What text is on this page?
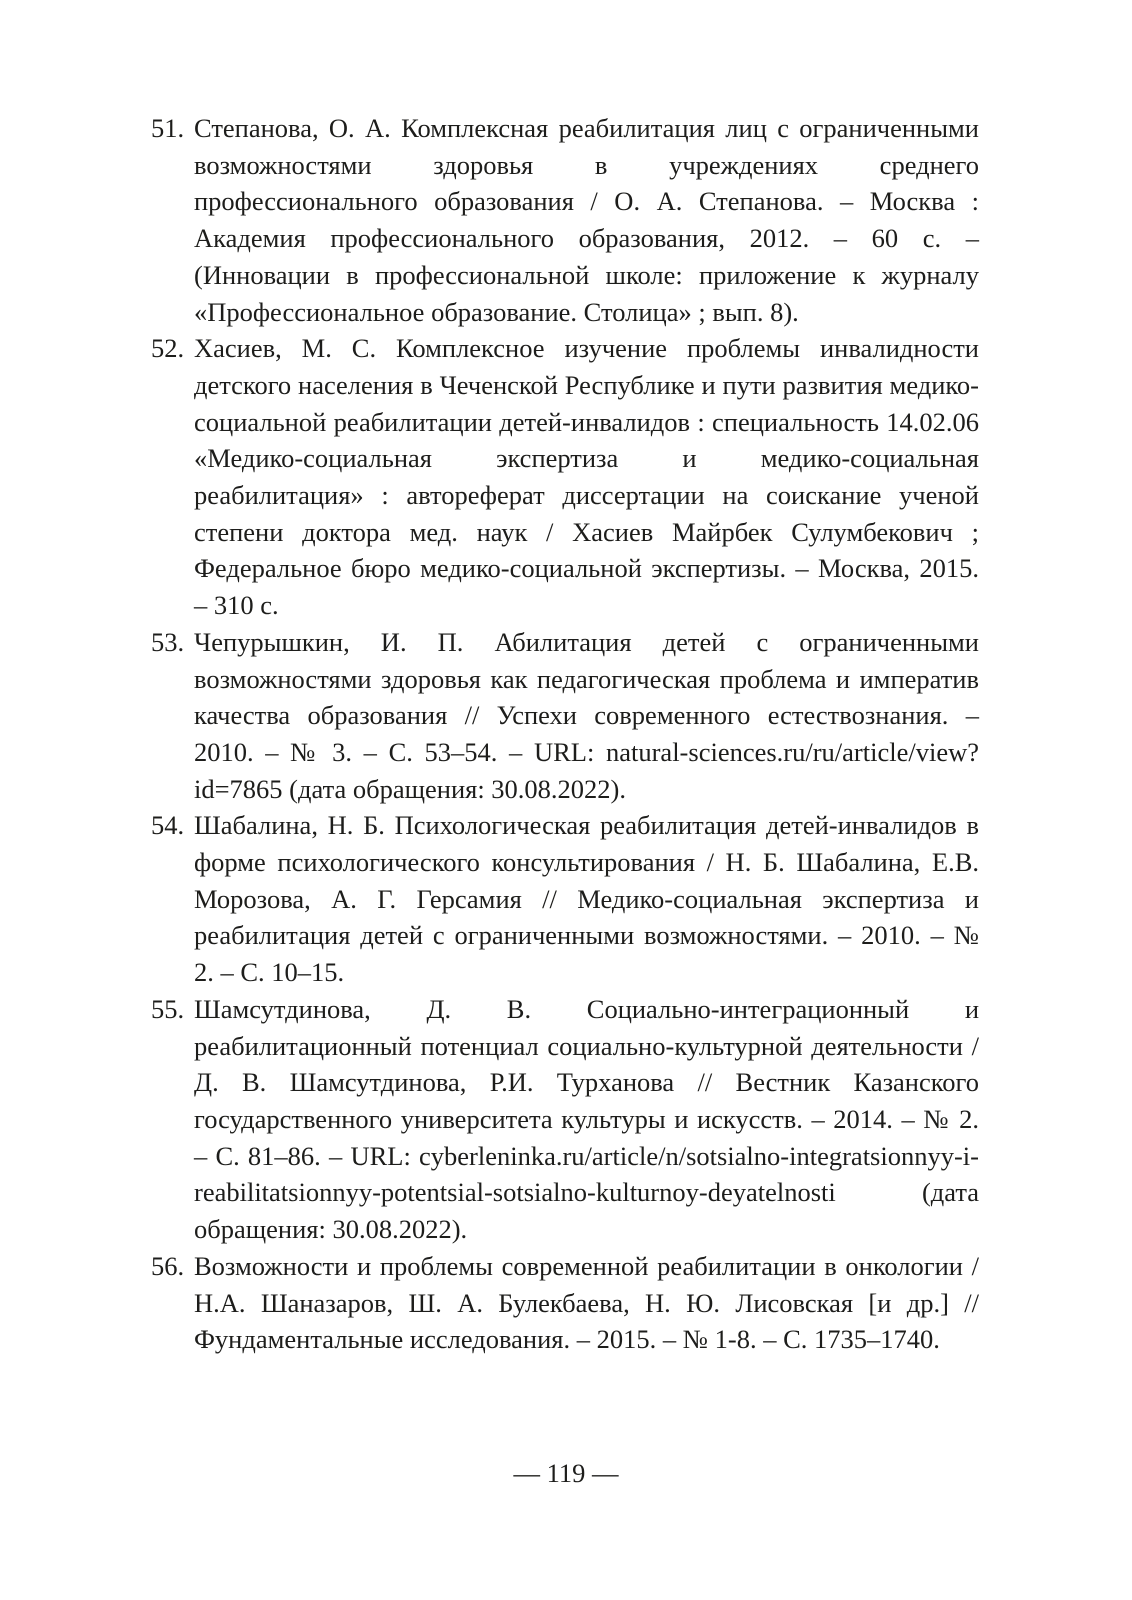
51. Степанова, О. А. Комплексная реабилитация лиц с ограниченными возможностями здоровья в учреждениях среднего профессионального образования / О. А. Степанова. – Москва : Академия профессионального образования, 2012. – 60 с. – (Инновации в профессиональной школе: приложение к журналу «Профессиональное образование. Столица» ; вып. 8).
52. Хасиев, М. С. Комплексное изучение проблемы инвалидности детского населения в Чеченской Республике и пути развития медико-социальной реабилитации детей-инвалидов : специальность 14.02.06 «Медико-социальная экспертиза и медико-социальная реабилитация» : автореферат диссертации на соискание ученой степени доктора мед. наук / Хасиев Майрбек Сулумбекович ; Федеральное бюро медико-социальной экспертизы. – Москва, 2015. – 310 с.
53. Чепурышкин, И. П. Абилитация детей с ограниченными возможностями здоровья как педагогическая проблема и императив качества образования // Успехи современного естествознания. – 2010. – № 3. – С. 53–54. – URL: natural-sciences.ru/ru/article/view?id=7865 (дата обращения: 30.08.2022).
54. Шабалина, Н. Б. Психологическая реабилитация детей-инвалидов в форме психологического консультирования / Н. Б. Шабалина, Е.В. Морозова, А. Г. Герсамия // Медико-социальная экспертиза и реабилитация детей с ограниченными возможностями. – 2010. – № 2. – С. 10–15.
55. Шамсутдинова, Д. В. Социально-интеграционный и реабилитационный потенциал социально-культурной деятельности / Д. В. Шамсутдинова, Р.И. Турханова // Вестник Казанского государственного университета культуры и искусств. – 2014. – № 2. – С. 81–86. – URL: cyberleninka.ru/article/n/sotsialno-integratsionnyy-i-reabilitatsionnyy-potentsial-sotsialno-kulturnoy-deyatelnosti (дата обращения: 30.08.2022).
56. Возможности и проблемы современной реабилитации в онкологии / Н.А. Шаназаров, Ш. А. Булекбаева, Н. Ю. Лисовская [и др.] // Фундаментальные исследования. – 2015. – № 1-8. – С. 1735–1740.
— 119 —
